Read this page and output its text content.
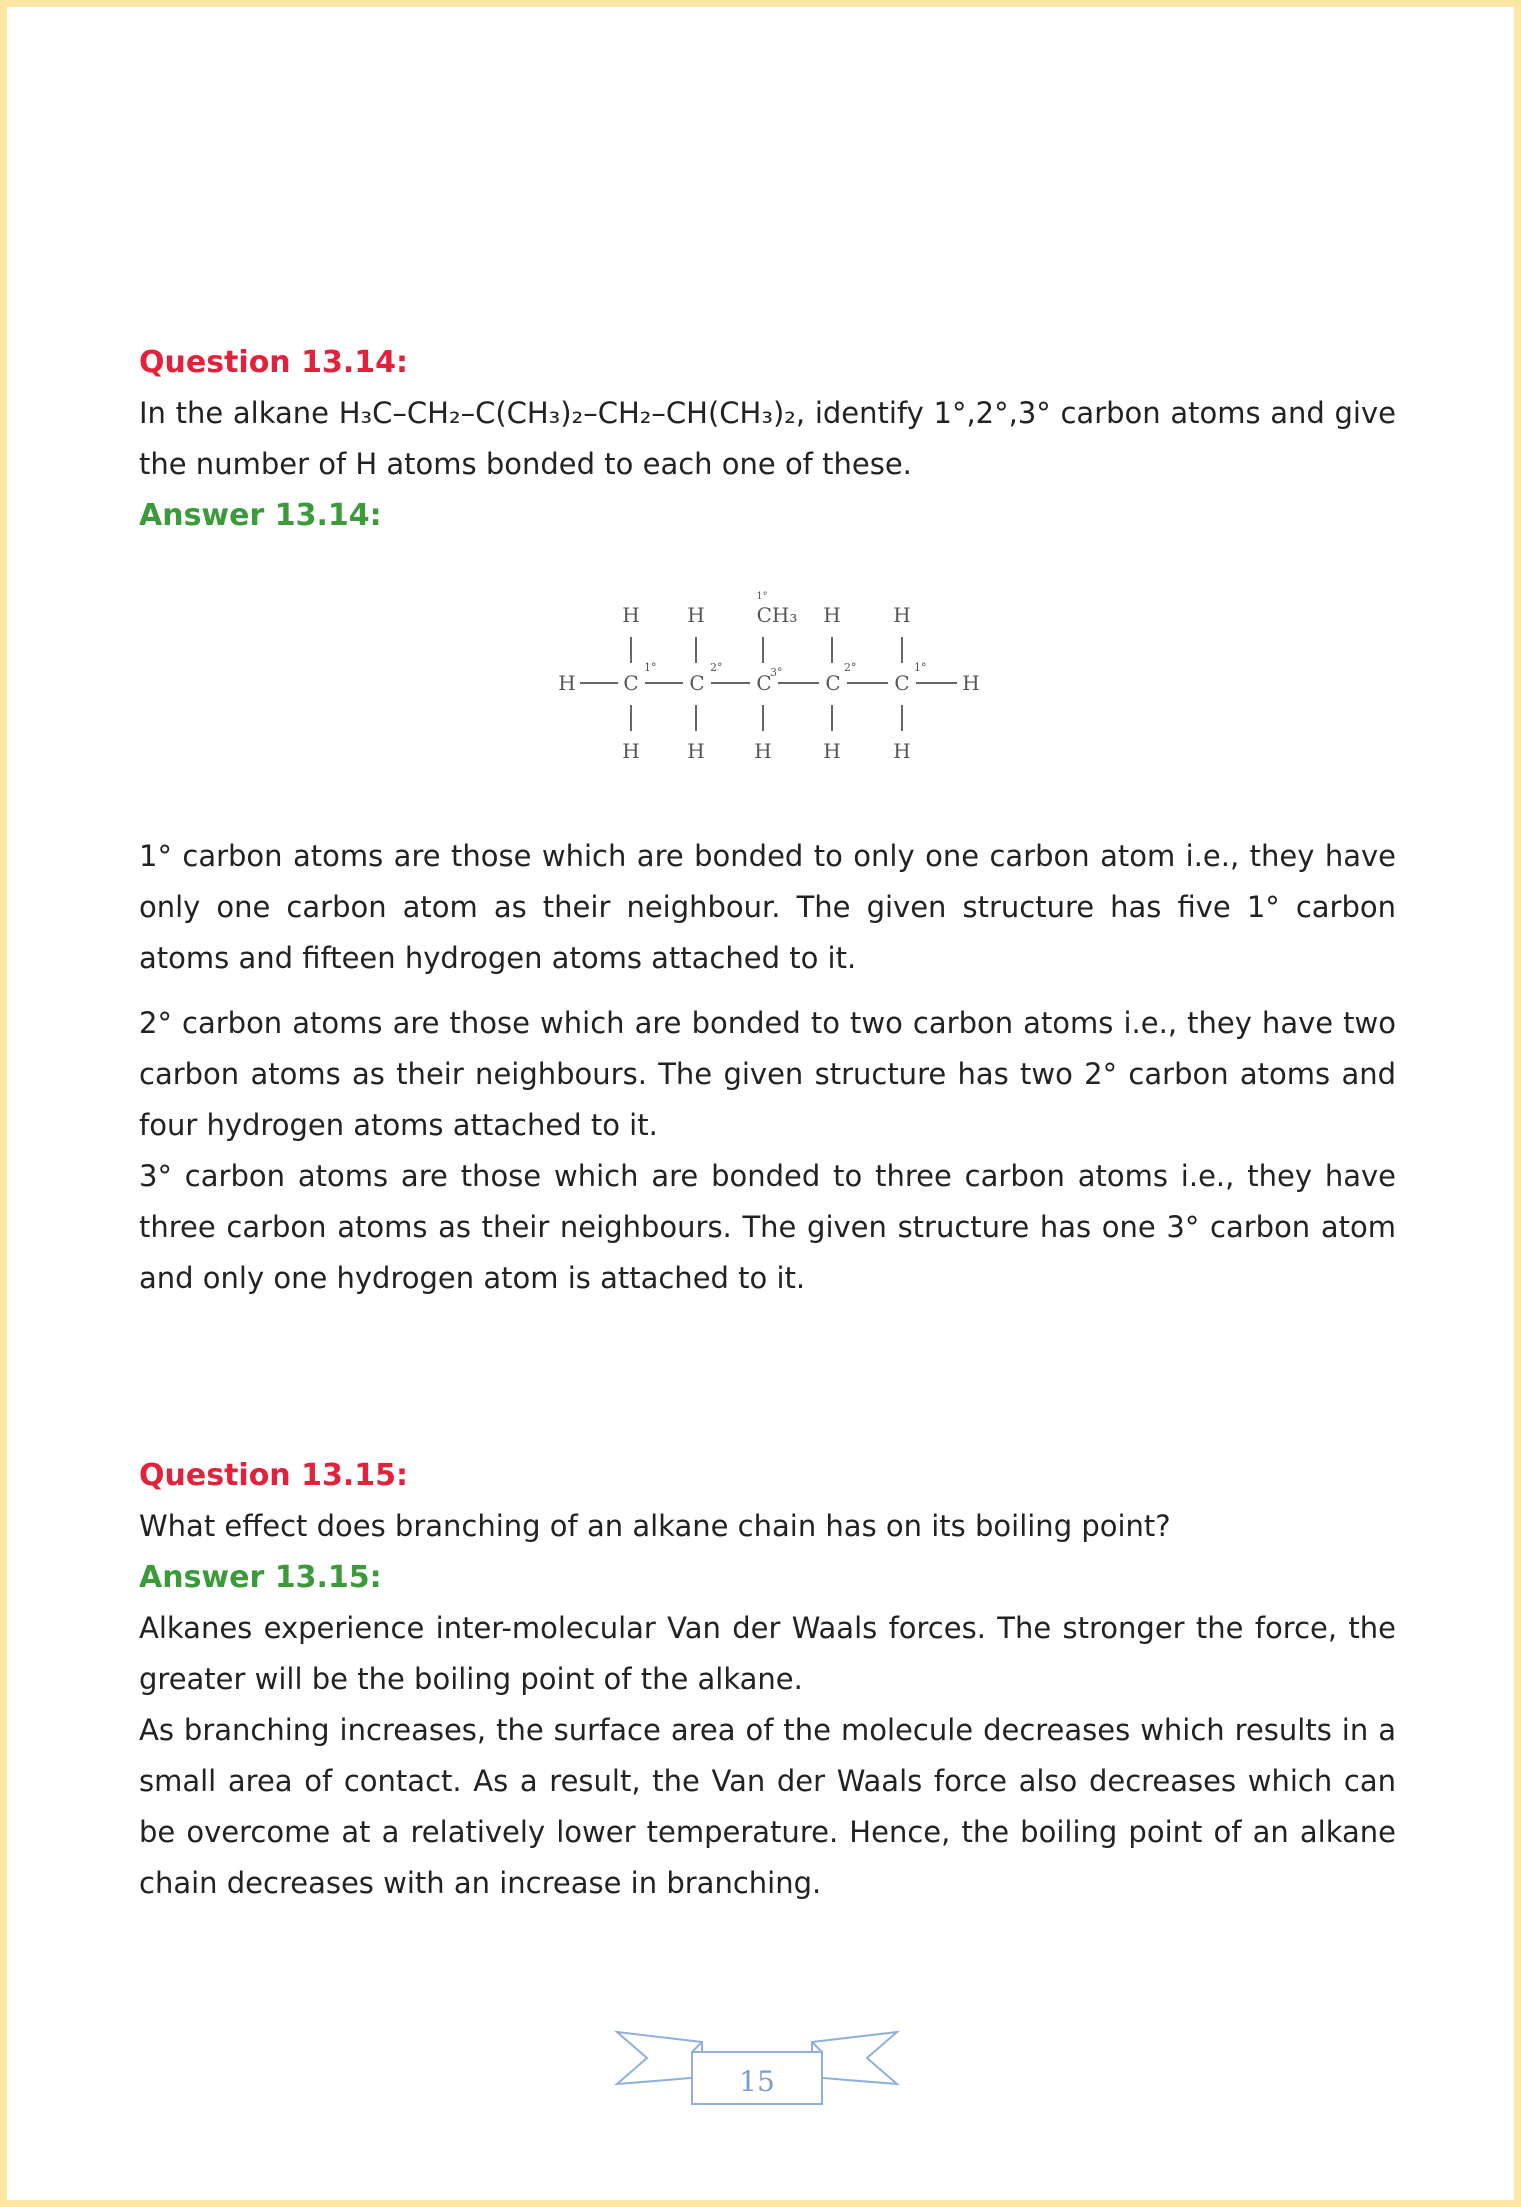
Question 13.14:

In the alkane H₃C–CH₂–C(CH₃)₂–CH₂–CH(CH₃)₂, identify 1°,2°,3° carbon atoms and give the number of H atoms bonded to each one of these.

Answer 13.14:
H H	CH₃
1°
H	H
H C	C	C	C	C	H
1°	2°	3°	2°	1°
H H H	H	H

1° carbon atoms are those which are bonded to only one carbon atom i.e., they have only one carbon atom as their neighbour. The given structure has five 1° carbon atoms and fifteen hydrogen atoms attached to it.

2° carbon atoms are those which are bonded to two carbon atoms i.e., they have two carbon atoms as their neighbours. The given structure has two 2° carbon atoms and four hydrogen atoms attached to it.

3° carbon atoms are those which are bonded to three carbon atoms i.e., they have three carbon atoms as their neighbours. The given structure has one 3° carbon atom and only one hydrogen atom is attached to it.

Question 13.15:

What effect does branching of an alkane chain has on its boiling point?

Answer 13.15:

Alkanes experience inter-molecular Van der Waals forces. The stronger the force, the greater will be the boiling point of the alkane.

As branching increases, the surface area of the molecule decreases which results in a small area of contact. As a result, the Van der Waals force also decreases which can be overcome at a relatively lower temperature. Hence, the boiling point of an alkane chain decreases with an increase in branching.

15
